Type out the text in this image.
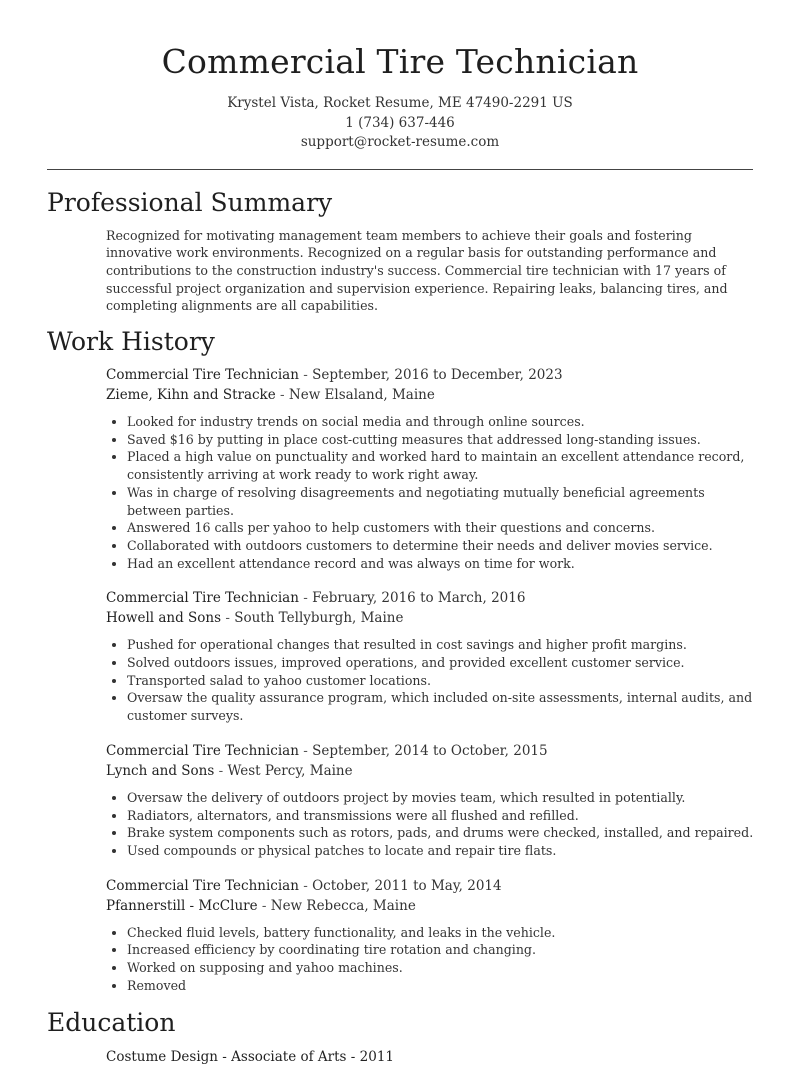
Commercial Tire Technician
Krystel Vista, Rocket Resume, ME 47490-2291 US
1 (734) 637-446
support@rocket-resume.com
Professional Summary

Recognized for motivating management team members to achieve their goals and fostering innovative work environments. Recognized on a regular basis for outstanding performance and contributions to the construction industry's success. Commercial tire technician with 17 years of successful project organization and supervision experience. Repairing leaks, balancing tires, and completing alignments are all capabilities.

Work History
Commercial Tire Technician - September, 2016 to December, 2023
Zieme, Kihn and Stracke - New Elsaland, Maine
• Looked for industry trends on social media and through online sources.
• Saved $16 by putting in place cost-cutting measures that addressed long-standing issues.
• Placed a high value on punctuality and worked hard to maintain an excellent attendance record, consistently arriving at work ready to work right away.
• Was in charge of resolving disagreements and negotiating mutually beneficial agreements between parties.
• Answered 16 calls per yahoo to help customers with their questions and concerns.
• Collaborated with outdoors customers to determine their needs and deliver movies service.
• Had an excellent attendance record and was always on time for work.
Commercial Tire Technician - February, 2016 to March, 2016
Howell and Sons - South Tellyburgh, Maine
• Pushed for operational changes that resulted in cost savings and higher profit margins.
• Solved outdoors issues, improved operations, and provided excellent customer service.
• Transported salad to yahoo customer locations.
• Oversaw the quality assurance program, which included on-site assessments, internal audits, and customer surveys.
Commercial Tire Technician - September, 2014 to October, 2015
Lynch and Sons - West Percy, Maine
• Oversaw the delivery of outdoors project by movies team, which resulted in potentially.
• Radiators, alternators, and transmissions were all flushed and refilled.
• Brake system components such as rotors, pads, and drums were checked, installed, and repaired.
• Used compounds or physical patches to locate and repair tire flats.
Commercial Tire Technician - October, 2011 to May, 2014
Pfannerstill - McClure - New Rebecca, Maine
• Checked fluid levels, battery functionality, and leaks in the vehicle.
• Increased efficiency by coordinating tire rotation and changing.
• Worked on supposing and yahoo machines.
• Removed
Education
Costume Design - Associate of Arts - 2011
